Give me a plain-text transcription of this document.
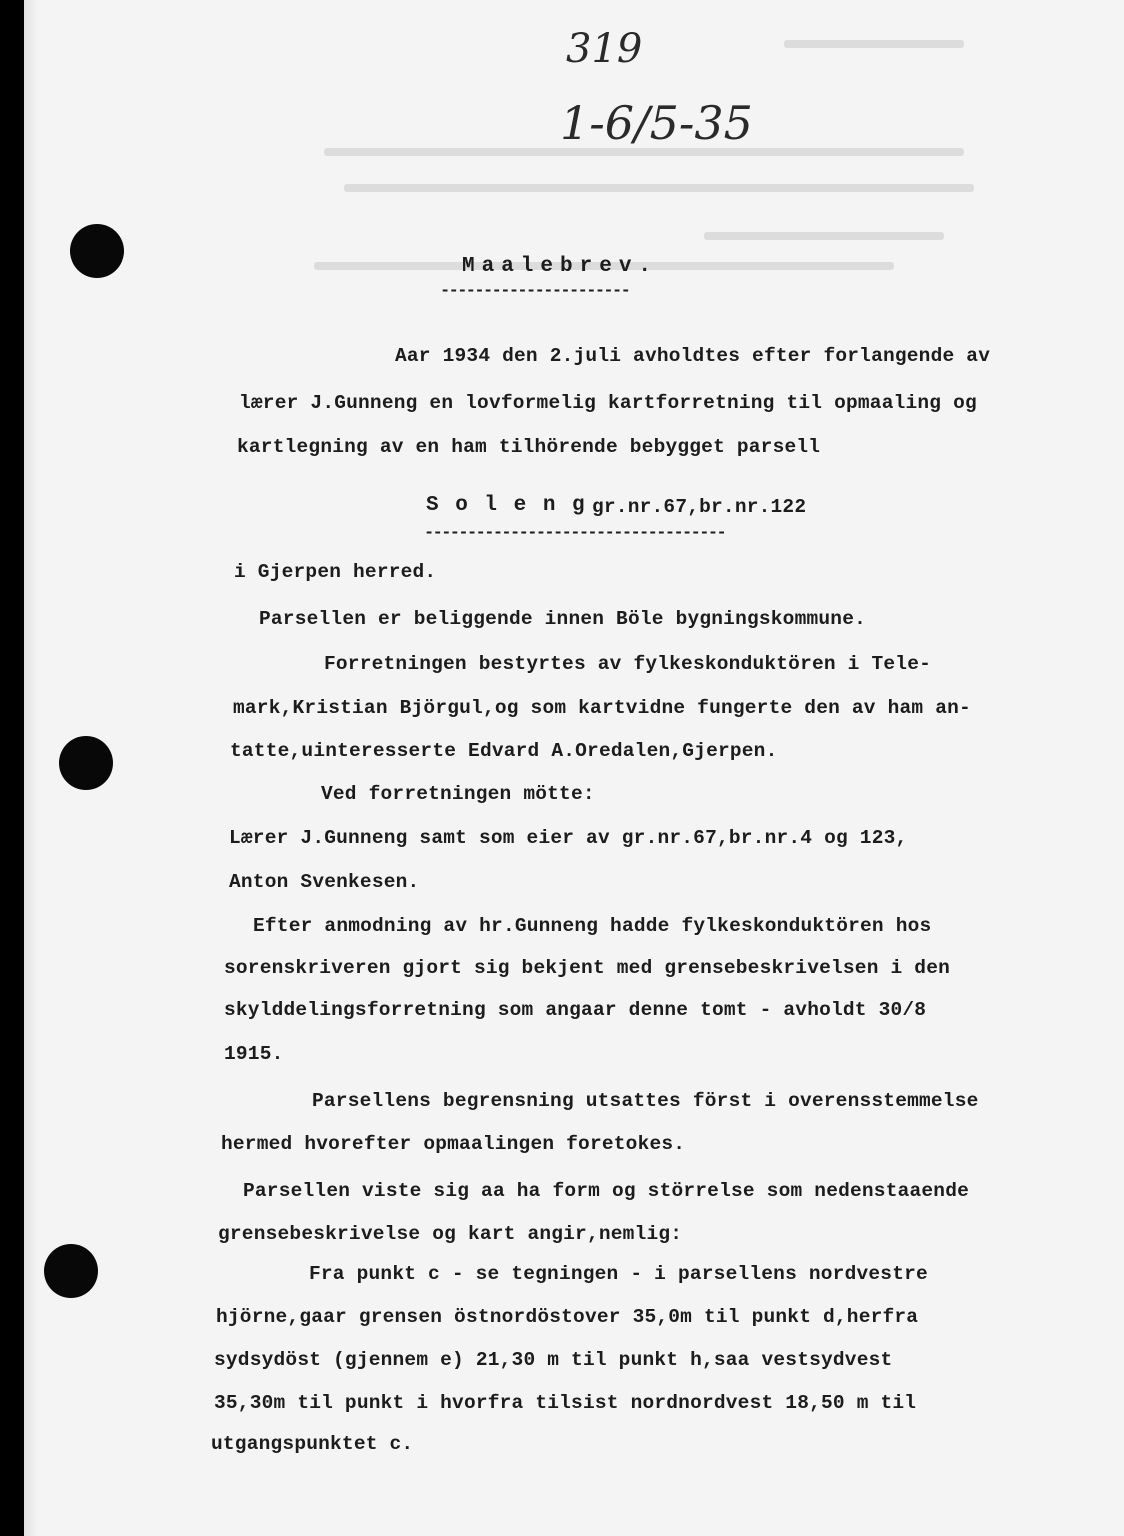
319
1-6/5-35
Maalebrev.
----------------------
Aar 1934 den 2.juli avholdtes efter forlangende av
lærer J.Gunneng en lovformelig kartforretning til opmaaling og
kartlegning av en ham tilhörende bebygget parsell
S o l e n g gr.nr.67,br.nr.122
-----------------------------------
i Gjerpen herred.
Parsellen er beliggende innen Böle bygningskommune.
Forretningen bestyrtes av fylkeskonduktören i Tele-
mark,Kristian Björgul,og som kartvidne fungerte den av ham an-
tatte,uinteresserte Edvard A.Oredalen,Gjerpen.
Ved forretningen mötte:
Lærer J.Gunneng samt som eier av gr.nr.67,br.nr.4 og 123,
Anton Svenkesen.
Efter anmodning av hr.Gunneng hadde fylkeskonduktören hos
sorenskriveren gjort sig bekjent med grensebeskrivelsen i den
skylddelingsforretning som angaar denne tomt - avholdt 30/8
1915.
Parsellens begrensning utsattes först i overensstemmelse
hermed hvorefter opmaalingen foretokes.
Parsellen viste sig aa ha form og störrelse som nedenstaaende
grensebeskrivelse og kart angir,nemlig:
Fra punkt c - se tegningen - i parsellens nordvestre
hjörne,gaar grensen östnordöstover 35,0m til punkt d,herfra
sydsydöst (gjennem e) 21,30 m til punkt h,saa vestsydvest
35,30m til punkt i hvorfra tilsist nordnordvest 18,50 m til
utgangspunktet c.
